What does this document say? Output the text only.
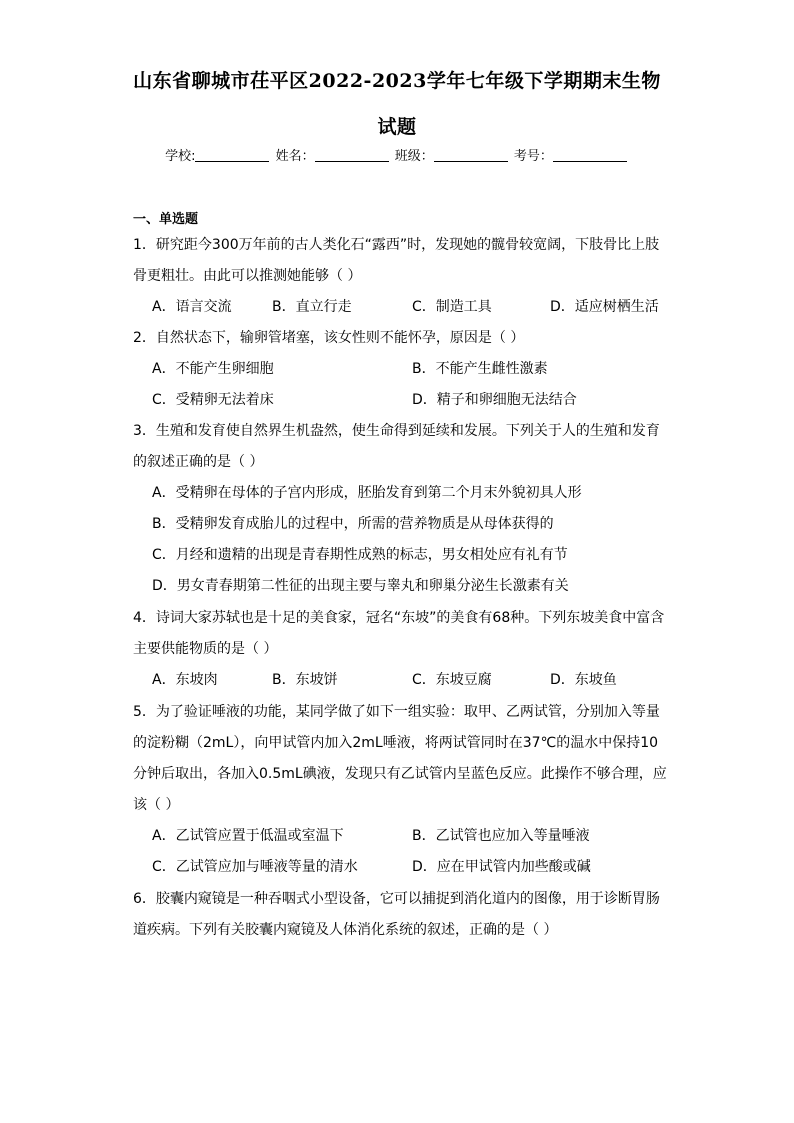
山东省聊城市茌平区2022-2023学年七年级下学期期末生物
试题
学校:	姓名：	班级：	考号：
一、单选题
1．研究距今300万年前的古人类化石“露西”时，发现她的髋骨较宽阔，下肢骨比上肢
骨更粗壮。由此可以推测她能够（ ）
A．语言交流	B．直立行走	C．制造工具	D．适应树栖生活
2．自然状态下，输卵管堵塞，该女性则不能怀孕，原因是（ ）
A．不能产生卵细胞	B．不能产生雌性激素
C．受精卵无法着床	D．精子和卵细胞无法结合
3．生殖和发育使自然界生机盎然，使生命得到延续和发展。下列关于人的生殖和发育
的叙述正确的是（ ）
A．受精卵在母体的子宫内形成，胚胎发育到第二个月末外貌初具人形
B．受精卵发育成胎儿的过程中，所需的营养物质是从母体获得的
C．月经和遗精的出现是青春期性成熟的标志，男女相处应有礼有节
D．男女青春期第二性征的出现主要与睾丸和卵巢分泌生长激素有关
4．诗词大家苏轼也是十足的美食家，冠名“东坡”的美食有68种。下列东坡美食中富含
主要供能物质的是（ ）
A．东坡肉	B．东坡饼	C．东坡豆腐	D．东坡鱼
5．为了验证唾液的功能，某同学做了如下一组实验：取甲、乙两试管，分别加入等量
的淀粉糊（2mL），向甲试管内加入2mL唾液，将两试管同时在37℃的温水中保持10
分钟后取出，各加入0.5mL碘液，发现只有乙试管内呈蓝色反应。此操作不够合理，应
该（ ）
A．乙试管应置于低温或室温下	B．乙试管也应加入等量唾液
C．乙试管应加与唾液等量的清水	D．应在甲试管内加些酸或碱
6．胶囊内窥镜是一种吞咽式小型设备，它可以捕捉到消化道内的图像，用于诊断胃肠
道疾病。下列有关胶囊内窥镜及人体消化系统的叙述，正确的是（ ）
